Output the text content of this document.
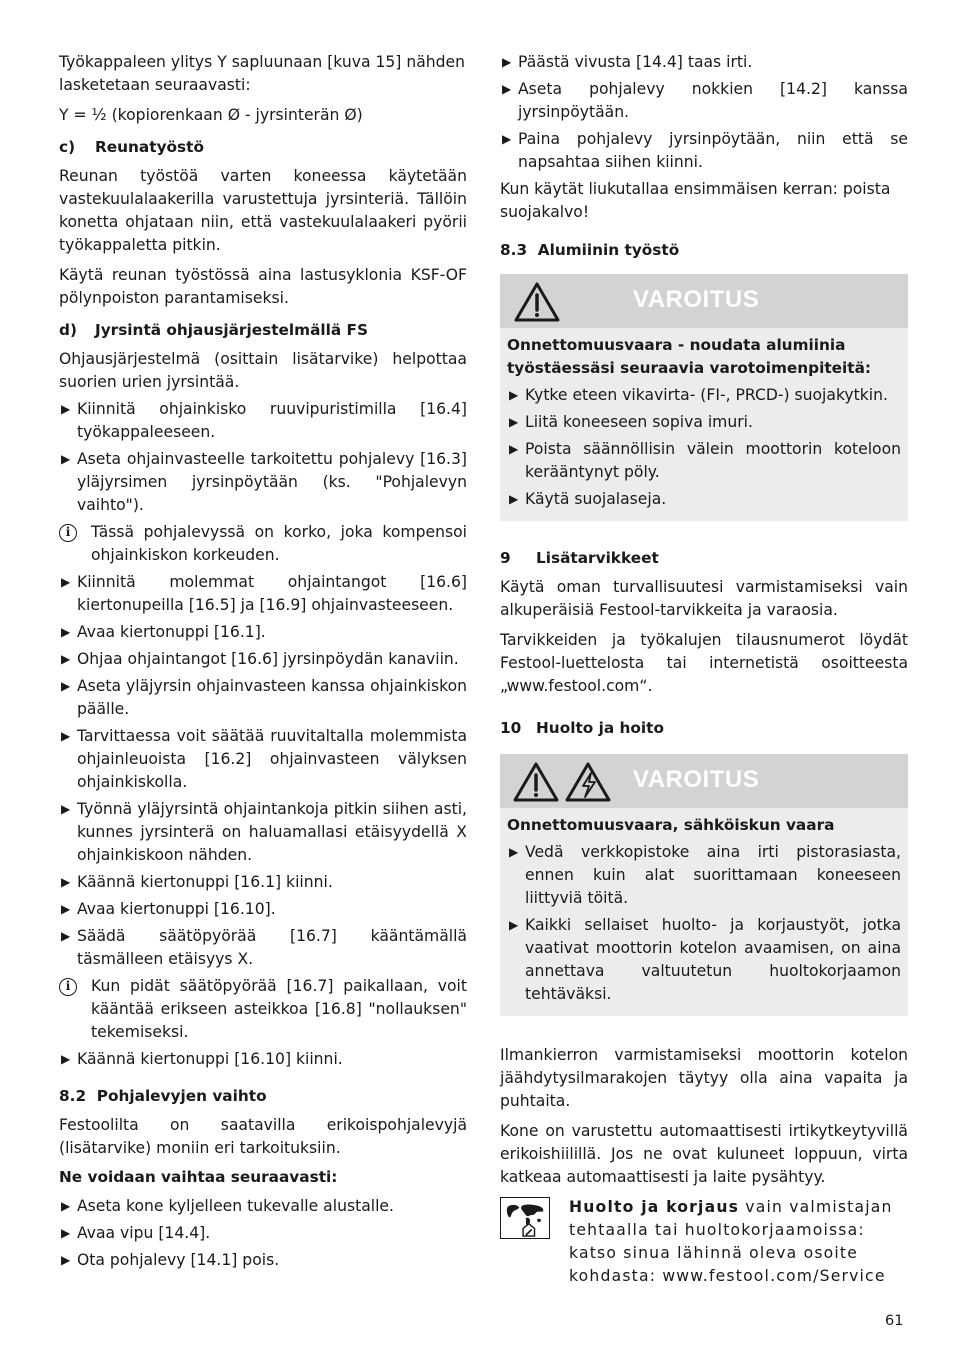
Työkappaleen ylitys Y sapluunaan [kuva 15] nähden lasketetaan seuraavasti:

Y = ½ (kopiorenkaan Ø - jyrsinterän Ø)

c) Reunatyöstö

Reunan työstöä varten koneessa käytetään vastekuulalaakerilla varustettuja jyrsinteriä. Tällöin konetta ohjataan niin, että vastekuulalaakeri pyörii työkappaletta pitkin.

Käytä reunan työstössä aina lastusyklonia KSF-OF pölynpoiston parantamiseksi.

d) Jyrsintä ohjausjärjestelmällä FS

Ohjausjärjestelmä (osittain lisätarvike) helpottaa suorien urien jyrsintää.

▶ Kiinnitä ohjainkisko ruuvipuristimilla [16.4] työkappaleeseen.
▶ Aseta ohjainvasteelle tarkoitettu pohjalevy [16.3] yläjyrsimen jyrsinpöytään (ks. "Pohjalevyn vaihto").
i	Tässä pohjalevyssä on korko, joka kompensoi ohjainkiskon korkeuden.
▶ Kiinnitä molemmat ohjaintangot [16.6] kiertonupeilla [16.5] ja [16.9] ohjainvasteeseen.
▶ Avaa kiertonuppi [16.1].
▶ Ohjaa ohjaintangot [16.6] jyrsinpöydän kanaviin.
▶ Aseta yläjyrsin ohjainvasteen kanssa ohjainkiskon päälle.
▶ Tarvittaessa voit säätää ruuvitaltalla molemmista ohjainleuoista [16.2] ohjainvasteen välyksen ohjainkiskolla.
▶ Työnnä yläjyrsintä ohjaintankoja pitkin siihen asti, kunnes jyrsinterä on haluamallasi etäisyydellä X ohjainkiskoon nähden.
▶ Käännä kiertonuppi [16.1] kiinni.
▶ Avaa kiertonuppi [16.10].
▶ Säädä säätöpyörää [16.7] kääntämällä täsmälleen etäisyys X.
i	Kun pidät säätöpyörää [16.7] paikallaan, voit kääntää erikseen asteikkoa [16.8] "nollauksen" tekemiseksi.
▶ Käännä kiertonuppi [16.10] kiinni.
8.2 Pohjalevyjen vaihto

Festoolilta on saatavilla erikoispohjalevyjä (lisätarvike) moniin eri tarkoituksiin.

Ne voidaan vaihtaa seuraavasti:
▶ Aseta kone kyljelleen tukevalle alustalle.
▶ Avaa vipu [14.4].
▶ Ota pohjalevy [14.1] pois.
▶ Päästä vivusta [14.4] taas irti.
▶ Aseta pohjalevy nokkien [14.2] kanssa jyrsinpöytään.
▶ Paina pohjalevy jyrsinpöytään, niin että se napsahtaa siihen kiinni.

Kun käytät liukutallaa ensimmäisen kerran: poista suojakalvo!

8.3 Alumiinin työstö
VAROITUS
Onnettomuusvaara - noudata alumiinia työstäessäsi seuraavia varotoimenpiteitä:
▶ Kytke eteen vikavirta- (FI-, PRCD-) suojakytkin.
▶ Liitä koneeseen sopiva imuri.
▶ Poista säännöllisin välein moottorin koteloon kerääntynyt pöly.
▶ Käytä suojalaseja.
9 Lisätarvikkeet

Käytä oman turvallisuutesi varmistamiseksi vain alkuperäisiä Festool-tarvikkeita ja varaosia.

Tarvikkeiden ja työkalujen tilausnumerot löydät Festool-luettelosta tai internetistä osoitteesta „www.festool.com“.

10 Huolto ja hoito
VAROITUS
Onnettomuusvaara, sähköiskun vaara
▶ Vedä verkkopistoke aina irti pistorasiasta, ennen kuin alat suorittamaan koneeseen liittyviä töitä.
▶ Kaikki sellaiset huolto- ja korjaustyöt, jotka vaativat moottorin kotelon avaamisen, on aina annettava valtuutetun huoltokorjaamon tehtäväksi.

Ilmankierron varmistamiseksi moottorin kotelon jäähdytysilmarakojen täytyy olla aina vapaita ja puhtaita.

Kone on varustettu automaattisesti irtikytkeytyvillä erikoishiilillä. Jos ne ovat kuluneet loppuun, virta katkeaa automaattisesti ja laite pysähtyy.

Huolto ja korjaus vain valmistajan tehtaalla tai huoltokorjaamoissa: katso sinua lähinnä oleva osoite kohdasta: www.festool.com/Service

61
